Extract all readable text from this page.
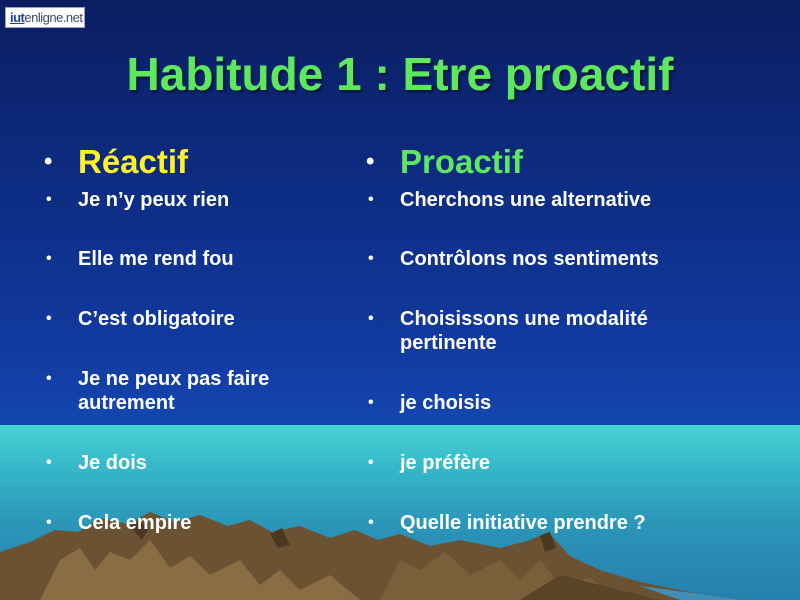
iutenligne.net
Habitude 1 : Etre proactif
• Réactif
• Je n’y peux rien
• Elle me rend fou
• C’est obligatoire
• Je ne peux pas faire autrement
• Je dois
• Cela empire
• Proactif
• Cherchons une alternative
• Contrôlons nos sentiments
• Choisissons une modalité pertinente
• je choisis
• je préfère
• Quelle initiative prendre ?
